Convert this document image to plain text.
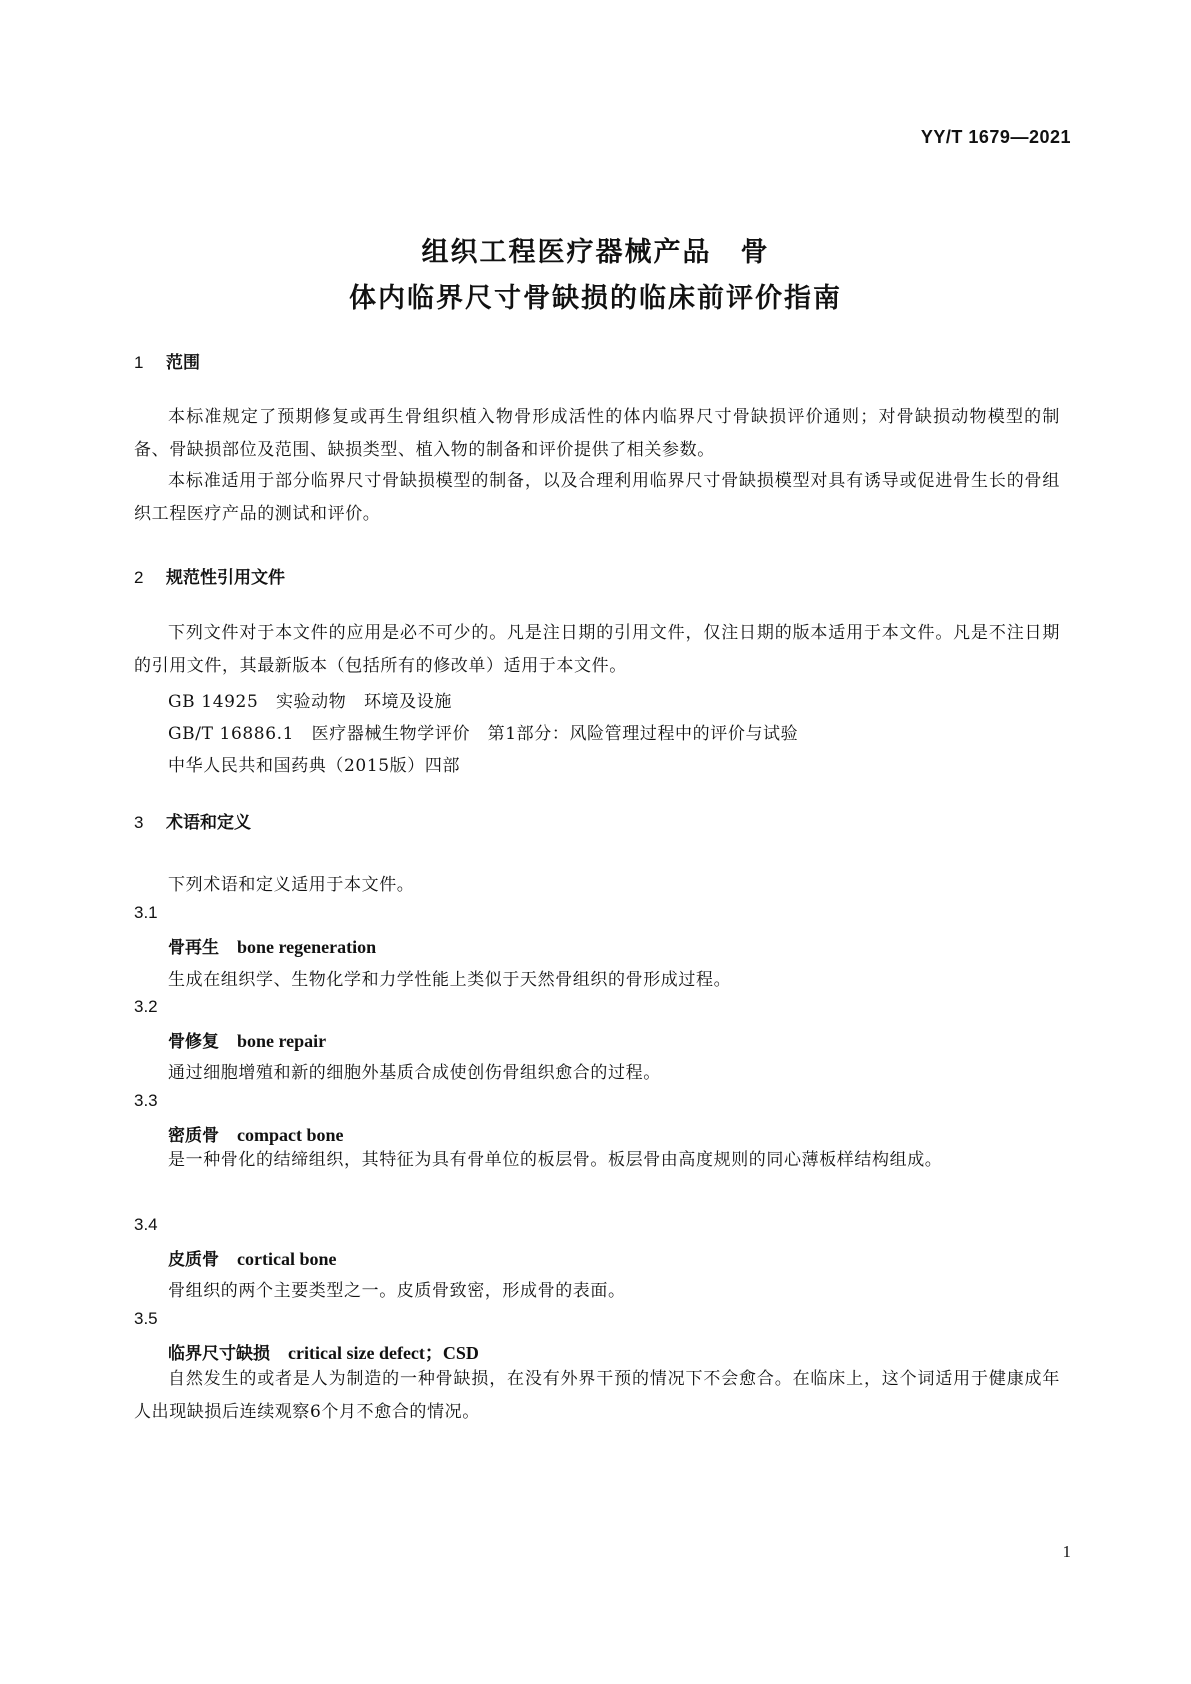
YY/T 1679—2021
组织工程医疗器械产品　骨
体内临界尺寸骨缺损的临床前评价指南
1 范围
本标准规定了预期修复或再生骨组织植入物骨形成活性的体内临界尺寸骨缺损评价通则；对骨缺损动物模型的制备、骨缺损部位及范围、缺损类型、植入物的制备和评价提供了相关参数。
本标准适用于部分临界尺寸骨缺损模型的制备，以及合理利用临界尺寸骨缺损模型对具有诱导或促进骨生长的骨组织工程医疗产品的测试和评价。
2 规范性引用文件
下列文件对于本文件的应用是必不可少的。凡是注日期的引用文件，仅注日期的版本适用于本文件。凡是不注日期的引用文件，其最新版本（包括所有的修改单）适用于本文件。
GB 14925　实验动物　环境及设施
GB/T 16886.1　医疗器械生物学评价　第1部分：风险管理过程中的评价与试验
中华人民共和国药典（2015版）四部
3 术语和定义
下列术语和定义适用于本文件。
3.1
骨再生 bone regeneration
生成在组织学、生物化学和力学性能上类似于天然骨组织的骨形成过程。
3.2
骨修复 bone repair
通过细胞增殖和新的细胞外基质合成使创伤骨组织愈合的过程。
3.3
密质骨 compact bone
是一种骨化的结缔组织，其特征为具有骨单位的板层骨。板层骨由高度规则的同心薄板样结构组成。
3.4
皮质骨 cortical bone
骨组织的两个主要类型之一。皮质骨致密，形成骨的表面。
3.5
临界尺寸缺损 critical size defect；CSD
自然发生的或者是人为制造的一种骨缺损，在没有外界干预的情况下不会愈合。在临床上，这个词适用于健康成年人出现缺损后连续观察6个月不愈合的情况。
1
